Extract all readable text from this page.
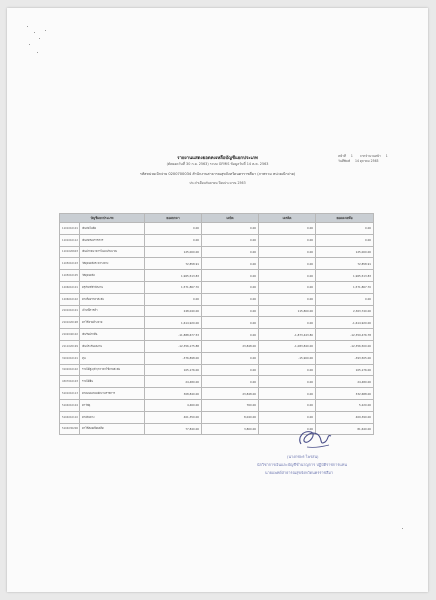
รายงานแสดงยอดคงเหลือบัญชีแยกประเภท
(ตัดยอดวันที่ 30 ก.ย. 2563) ระบบ GFMIS ข้อมูลวันที่ 14 ต.ค. 2563
รหัสหน่วยเบิกจ่าย 0200700034 สำนักงานสาธารณสุขจังหวัดนครราชสีมา (ภาพรวม หน่วยเบิกจ่าย)
ประจำเดือนกันยายน ปีงบประมาณ 2563
หน้าที่ 1 จากจำนวนหน้า 1
วันที่พิมพ์ 14 ตุลาคม 2563
บัญชีแยกประเภท		ยอดยกมา	เดบิต	เครดิต	ยอดคงเหลือ
1101010101	เงินสดในมือ	0.00	0.00	0.00	0.00
1101010112	เงินทดรองราชการ	0.00	0.00	0.00	0.00
1101020603	เงินฝากธนาคารในงบประมาณ	125,000.00	0.00	0.00	125,000.00
1105010103	วัสดุคงคลังระหว่างทาง	72,858.91	0.00	0.00	72,858.91
1105010105	วัสดุคงคลัง	1,965,513.83	0.00	0.00	1,965,513.83
1206010101	ครุภัณฑ์สำนักงาน	1,571,867.70	0.00	0.00	1,571,867.70
1206010102	ค่าเสื่อมราคาสะสม	0.00	0.00	0.00	0.00
2101010101	เจ้าหนี้การค้า	248,040.00	0.00	115,800.00	2,363,740.00
2101020198	ค่าใช้จ่ายค้างจ่าย	1,614,920.00	0.00	0.00	-1,614,920.00
2102040102	เงินรับฝากอื่น	-11,888,677.53	0.00	-1,873,443.80	-12,359,476.78
2111020199	เงินประกันผลงาน	-12,356,175.88	23,848.00	-1,083,840.00	-12,356,500.00
3101010101	ทุน	-376,898.00	0.00	-15,900.00	-393,505.00
3102010102	รายได้สูง(ต่ำ)กว่าค่าใช้จ่ายสะสม	105,176.00	0.00	0.00	105,176.00
4307010103	รายได้อื่น	24,480.00	0.00	0.00	24,480.00
5101010113	ค่าตอบแทนพนักงานราชการ	308,840.00	23,848.00	0.00	332,688.00
5104010104	ค่าวัสดุ	4,460.00	760.00	0.00	5,220.00
5104010110	ค่าเดินทาง	401,350.00	8,040.00	0.00	409,390.00
5104030206	ค่าใช้สอยเบ็ดเตล็ด	77,840.00	3,800.00	0.00	81,640.00
(นางกชพร ไพรสน)
นักวิชาการเงินและบัญชีชำนาญการ ปฏิบัติราชการแทน
นายแพทย์สาธารณสุขจังหวัดนครราชสีมา
